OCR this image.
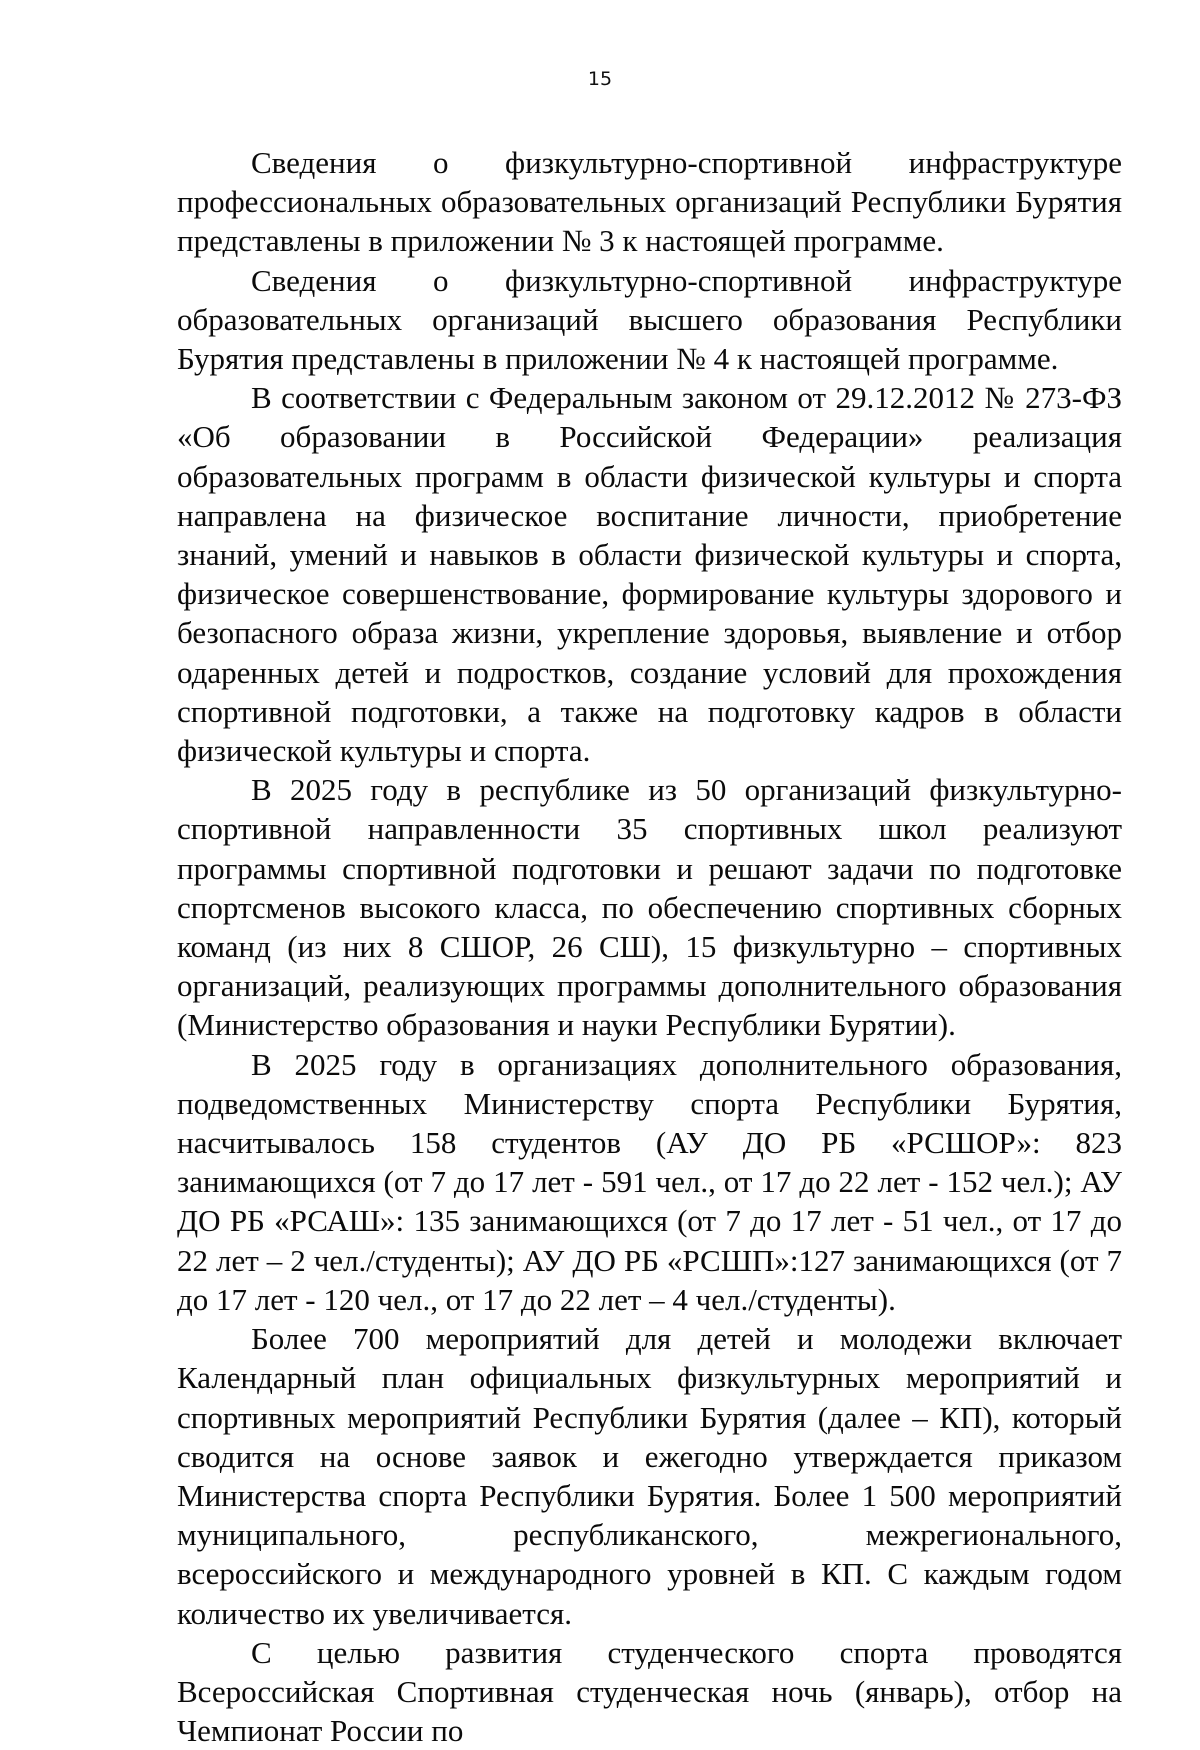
15

Сведения о физкультурно-спортивной инфраструктуре профессиональных образовательных организаций Республики Бурятия представлены в приложении № 3 к настоящей программе.

Сведения о физкультурно-спортивной инфраструктуре образовательных организаций высшего образования Республики Бурятия представлены в приложении № 4 к настоящей программе.

В соответствии с Федеральным законом от 29.12.2012 № 273-ФЗ «Об образовании в Российской Федерации» реализация образовательных программ в области физической культуры и спорта направлена на физическое воспитание личности, приобретение знаний, умений и навыков в области физической культуры и спорта, физическое совершенствование, формирование культуры здорового и безопасного образа жизни, укрепление здоровья, выявление и отбор одаренных детей и подростков, создание условий для прохождения спортивной подготовки, а также на подготовку кадров в области физической культуры и спорта.

В 2025 году в республике из 50 организаций физкультурно-спортивной направленности 35 спортивных школ реализуют программы спортивной подготовки и решают задачи по подготовке спортсменов высокого класса, по обеспечению спортивных сборных команд (из них 8 СШОР, 26 СШ), 15 физкультурно – спортивных организаций, реализующих программы дополнительного образования (Министерство образования и науки Республики Бурятии).

В 2025 году в организациях дополнительного образования, подведомственных Министерству спорта Республики Бурятия, насчитывалось 158 студентов (АУ ДО РБ «РСШОР»: 823 занимающихся (от 7 до 17 лет - 591 чел., от 17 до 22 лет - 152 чел.); АУ ДО РБ «РСАШ»: 135 занимающихся (от 7 до 17 лет - 51 чел., от 17 до 22 лет – 2 чел./студенты); АУ ДО РБ «РСШП»:127 занимающихся (от 7 до 17 лет - 120 чел., от 17 до 22 лет – 4 чел./студенты).

Более 700 мероприятий для детей и молодежи включает Календарный план официальных физкультурных мероприятий и спортивных мероприятий Республики Бурятия (далее – КП), который сводится на основе заявок и ежегодно утверждается приказом Министерства спорта Республики Бурятия. Более 1 500 мероприятий муниципального, республиканского, межрегионального, всероссийского и международного уровней в КП. С каждым годом количество их увеличивается.

С целью развития студенческого спорта проводятся Всероссийская Спортивная студенческая ночь (январь), отбор на Чемпионат России по
